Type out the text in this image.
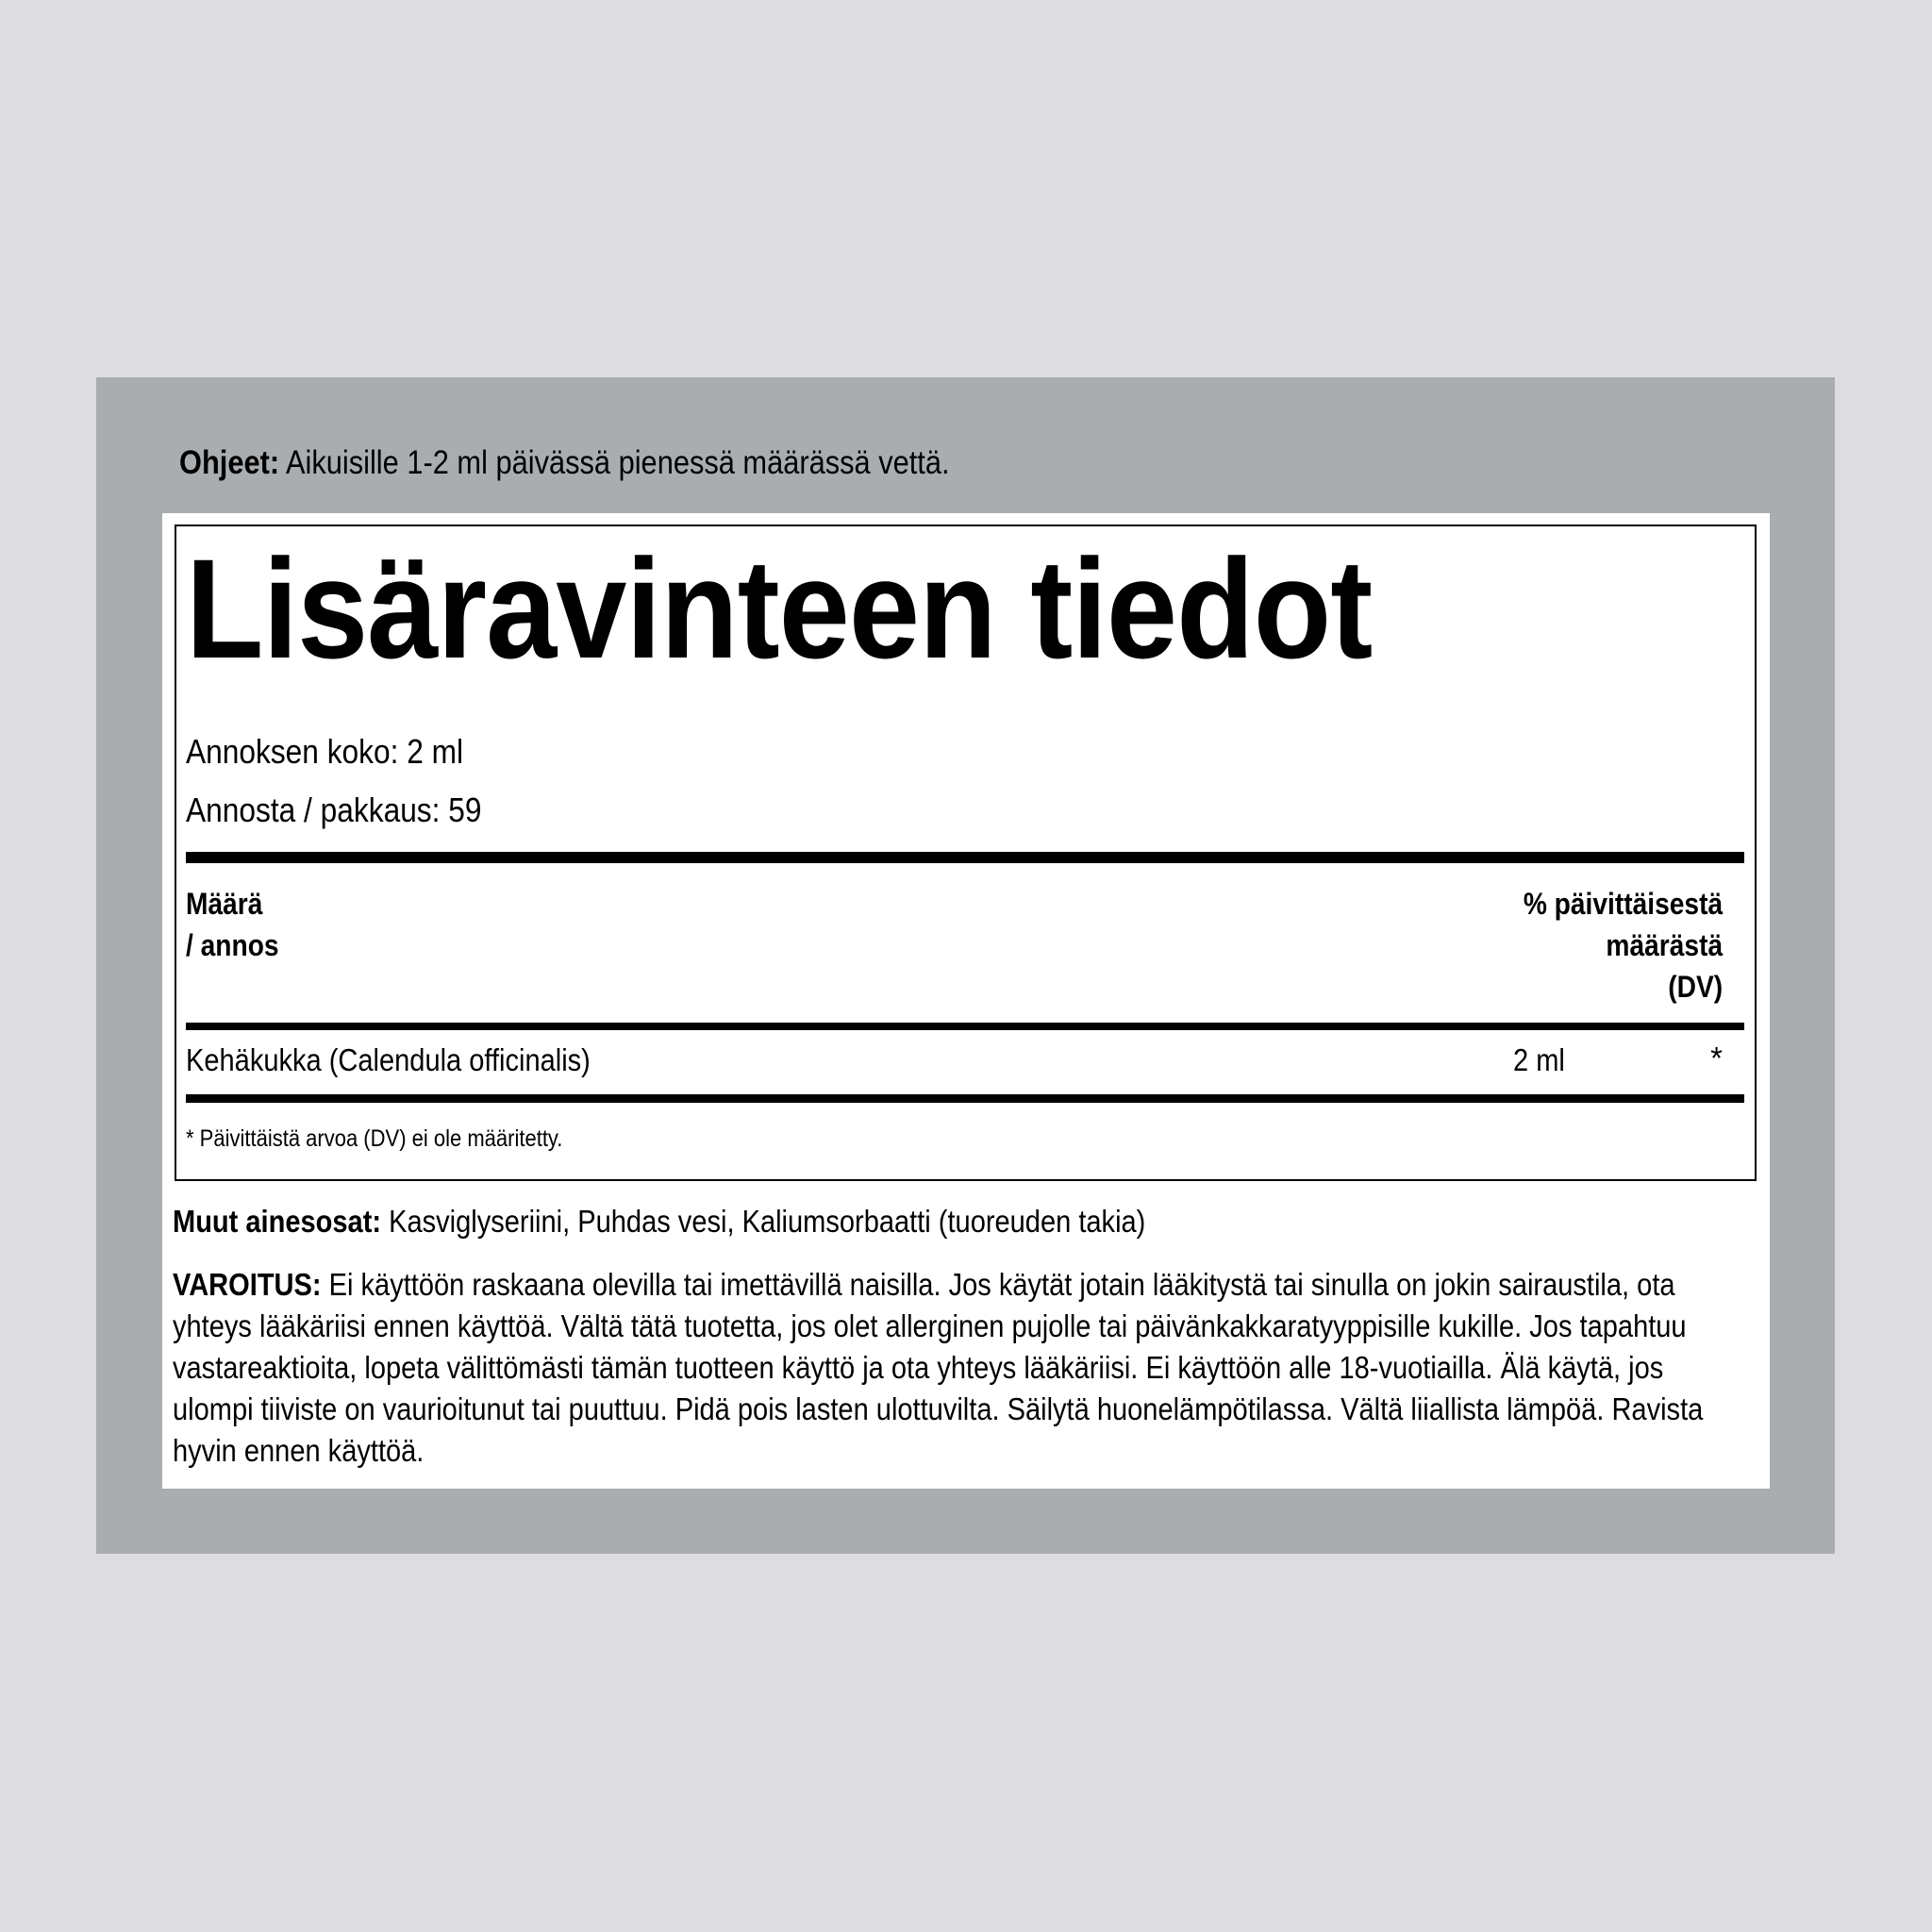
Ohjeet: Aikuisille 1-2 ml päivässä pienessä määrässä vettä.
Lisäravinteen tiedot
Annoksen koko: 2 ml
Annosta / pakkaus: 59
Määrä
/ annos
% päivittäisestä
määrästä
(DV)
Kehäkukka (Calendula officinalis)	2 ml	*
* Päivittäistä arvoa (DV) ei ole määritetty.
Muut ainesosat: Kasviglyseriini, Puhdas vesi, Kaliumsorbaatti (tuoreuden takia)
VAROITUS: Ei käyttöön raskaana olevilla tai imettävillä naisilla. Jos käytät jotain lääkitystä tai sinulla on jokin sairaustila, ota yhteys lääkäriisi ennen käyttöä. Vältä tätä tuotetta, jos olet allerginen pujolle tai päivänkakkaratyyppisille kukille. Jos tapahtuu vastareaktioita, lopeta välittömästi tämän tuotteen käyttö ja ota yhteys lääkäriisi. Ei käyttöön alle 18-vuotiailla. Älä käytä, jos ulompi tiiviste on vaurioitunut tai puuttuu. Pidä pois lasten ulottuvilta. Säilytä huonelämpötilassa. Vältä liiallista lämpöä. Ravista hyvin ennen käyttöä.
